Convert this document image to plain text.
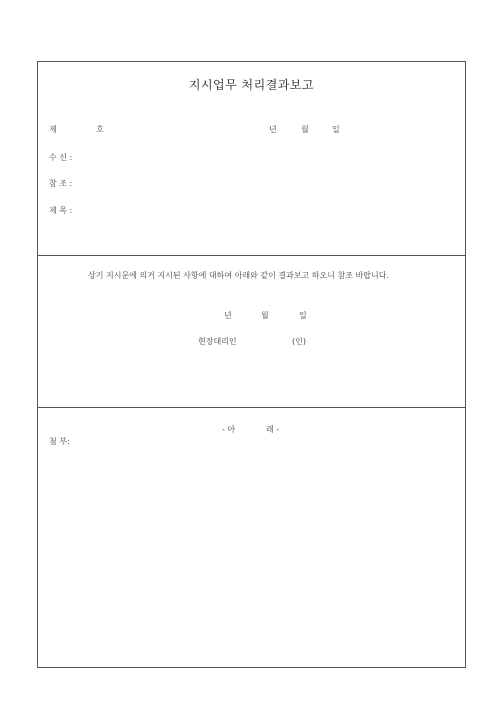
지시업무 처리결과보고
제	호	년	월	일
수 신 :
참 조 :
제 목 :
상기 지시문에 의거 지시된 사항에 대하여 아래와 같이 결과보고 하오니 참조 바랍니다.
년	월	일
현장대리인	(인)
- 아	래 -
첨 부:
